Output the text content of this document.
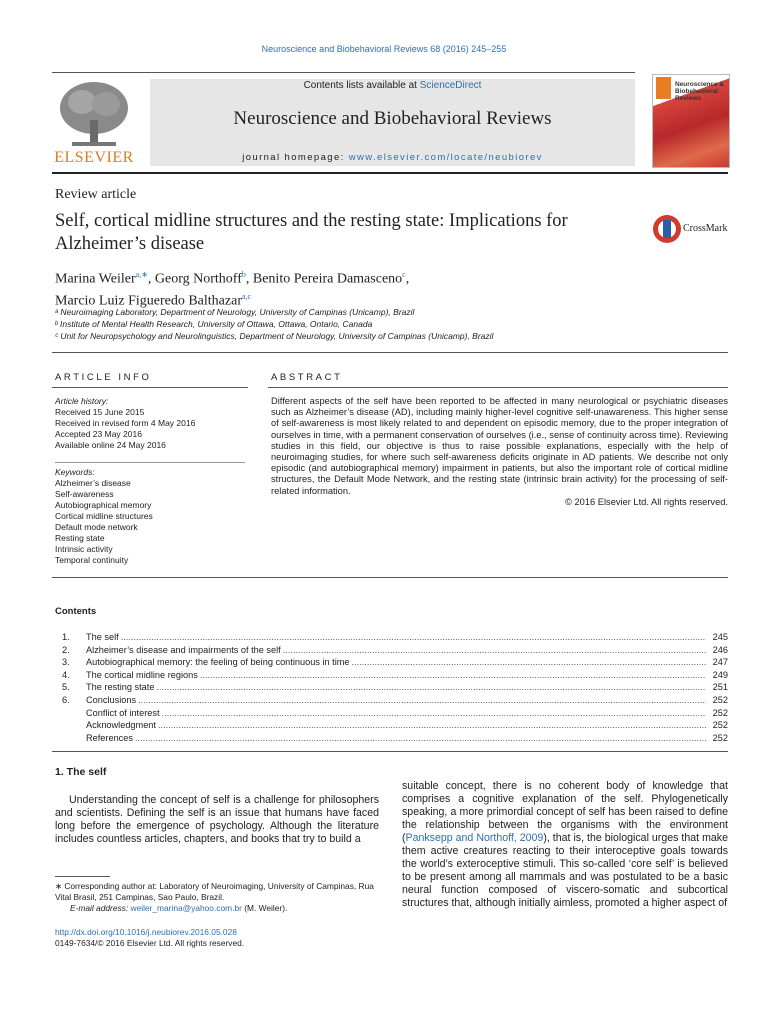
Neuroscience and Biobehavioral Reviews 68 (2016) 245–255
Contents lists available at ScienceDirect
Neuroscience and Biobehavioral Reviews
journal homepage: www.elsevier.com/locate/neubiorev
ELSEVIER
Neuroscience & Biobehavioral Reviews
Review article
Self, cortical midline structures and the resting state: Implications for Alzheimer’s disease
CrossMark
Marina Weiler$^{a,∗}$, Georg Northoff$^b$, Benito Pereira Damasceno$^c$,
Marcio Luiz Figueredo Balthazar$^{a,c}$
ᵃ Neuroimaging Laboratory, Department of Neurology, University of Campinas (Unicamp), Brazil
ᵇ Institute of Mental Health Research, University of Ottawa, Ottawa, Ontario, Canada
ᶜ Unit for Neuropsychology and Neurolinguistics, Department of Neurology, University of Campinas (Unicamp), Brazil
ARTICLE INFO	ABSTRACT
Article history:
Received 15 June 2015
Received in revised form 4 May 2016
Accepted 23 May 2016
Available online 24 May 2016
Keywords:
Alzheimer’s disease
Self-awareness
Autobiographical memory
Cortical midline structures
Default mode network
Resting state
Intrinsic activity
Temporal continuity
Different aspects of the self have been reported to be affected in many neurological or psychiatric diseases such as Alzheimer’s disease (AD), including mainly higher-level cognitive self-unawareness. This higher sense of self-awareness is most likely related to and dependent on episodic memory, due to the proper integration of ourselves in time, with a permanent conservation of ourselves (i.e., sense of continuity across time). Reviewing studies in this field, our objective is thus to raise possible explanations, especially with the help of neuroimaging studies, for where such self-awareness deficits originate in AD patients. We describe not only episodic (and autobiographical memory) impairment in patients, but also the important role of cortical midline structures, the Default Mode Network, and the resting state (intrinsic brain activity) for the processing of self-related information.
© 2016 Elsevier Ltd. All rights reserved.
Contents
1.	The self .....	245
2.	Alzheimer’s disease and impairments of the self .....	246
3.	Autobiographical memory: the feeling of being continuous in time .....	247
4.	The cortical midline regions .....	249
5.	The resting state .....	251
6.	Conclusions .....	252
Conflict of interest .....	252
Acknowledgment .....	252
References .....	252
1. The self
Understanding the concept of self is a challenge for philosophers and scientists. Defining the self is an issue that humans have faced long before the emergence of psychology. Although the literature includes countless articles, chapters, and books that try to build a
suitable concept, there is no coherent body of knowledge that comprises a cognitive explanation of the self. Phylogenetically speaking, a more primordial concept of self has been raised to define the relationship between the organisms with the environment (Panksepp and Northoff, 2009), that is, the biological urges that make them active creatures reacting to their interoceptive goals towards the world’s exteroceptive stimuli. This so-called ‘core self’ is believed to be present among all mammals and was postulated to be a basic neural function composed of viscero-somatic and subcortical structures that, although initially aimless, promoted a higher aspect of
∗ Corresponding author at: Laboratory of Neuroimaging, University of Campinas, Rua Vital Brasil, 251 Campinas, Sao Paulo, Brazil.
E-mail address: weiler_marina@yahoo.com.br (M. Weiler).
http://dx.doi.org/10.1016/j.neubiorev.2016.05.028
0149-7634/© 2016 Elsevier Ltd. All rights reserved.
